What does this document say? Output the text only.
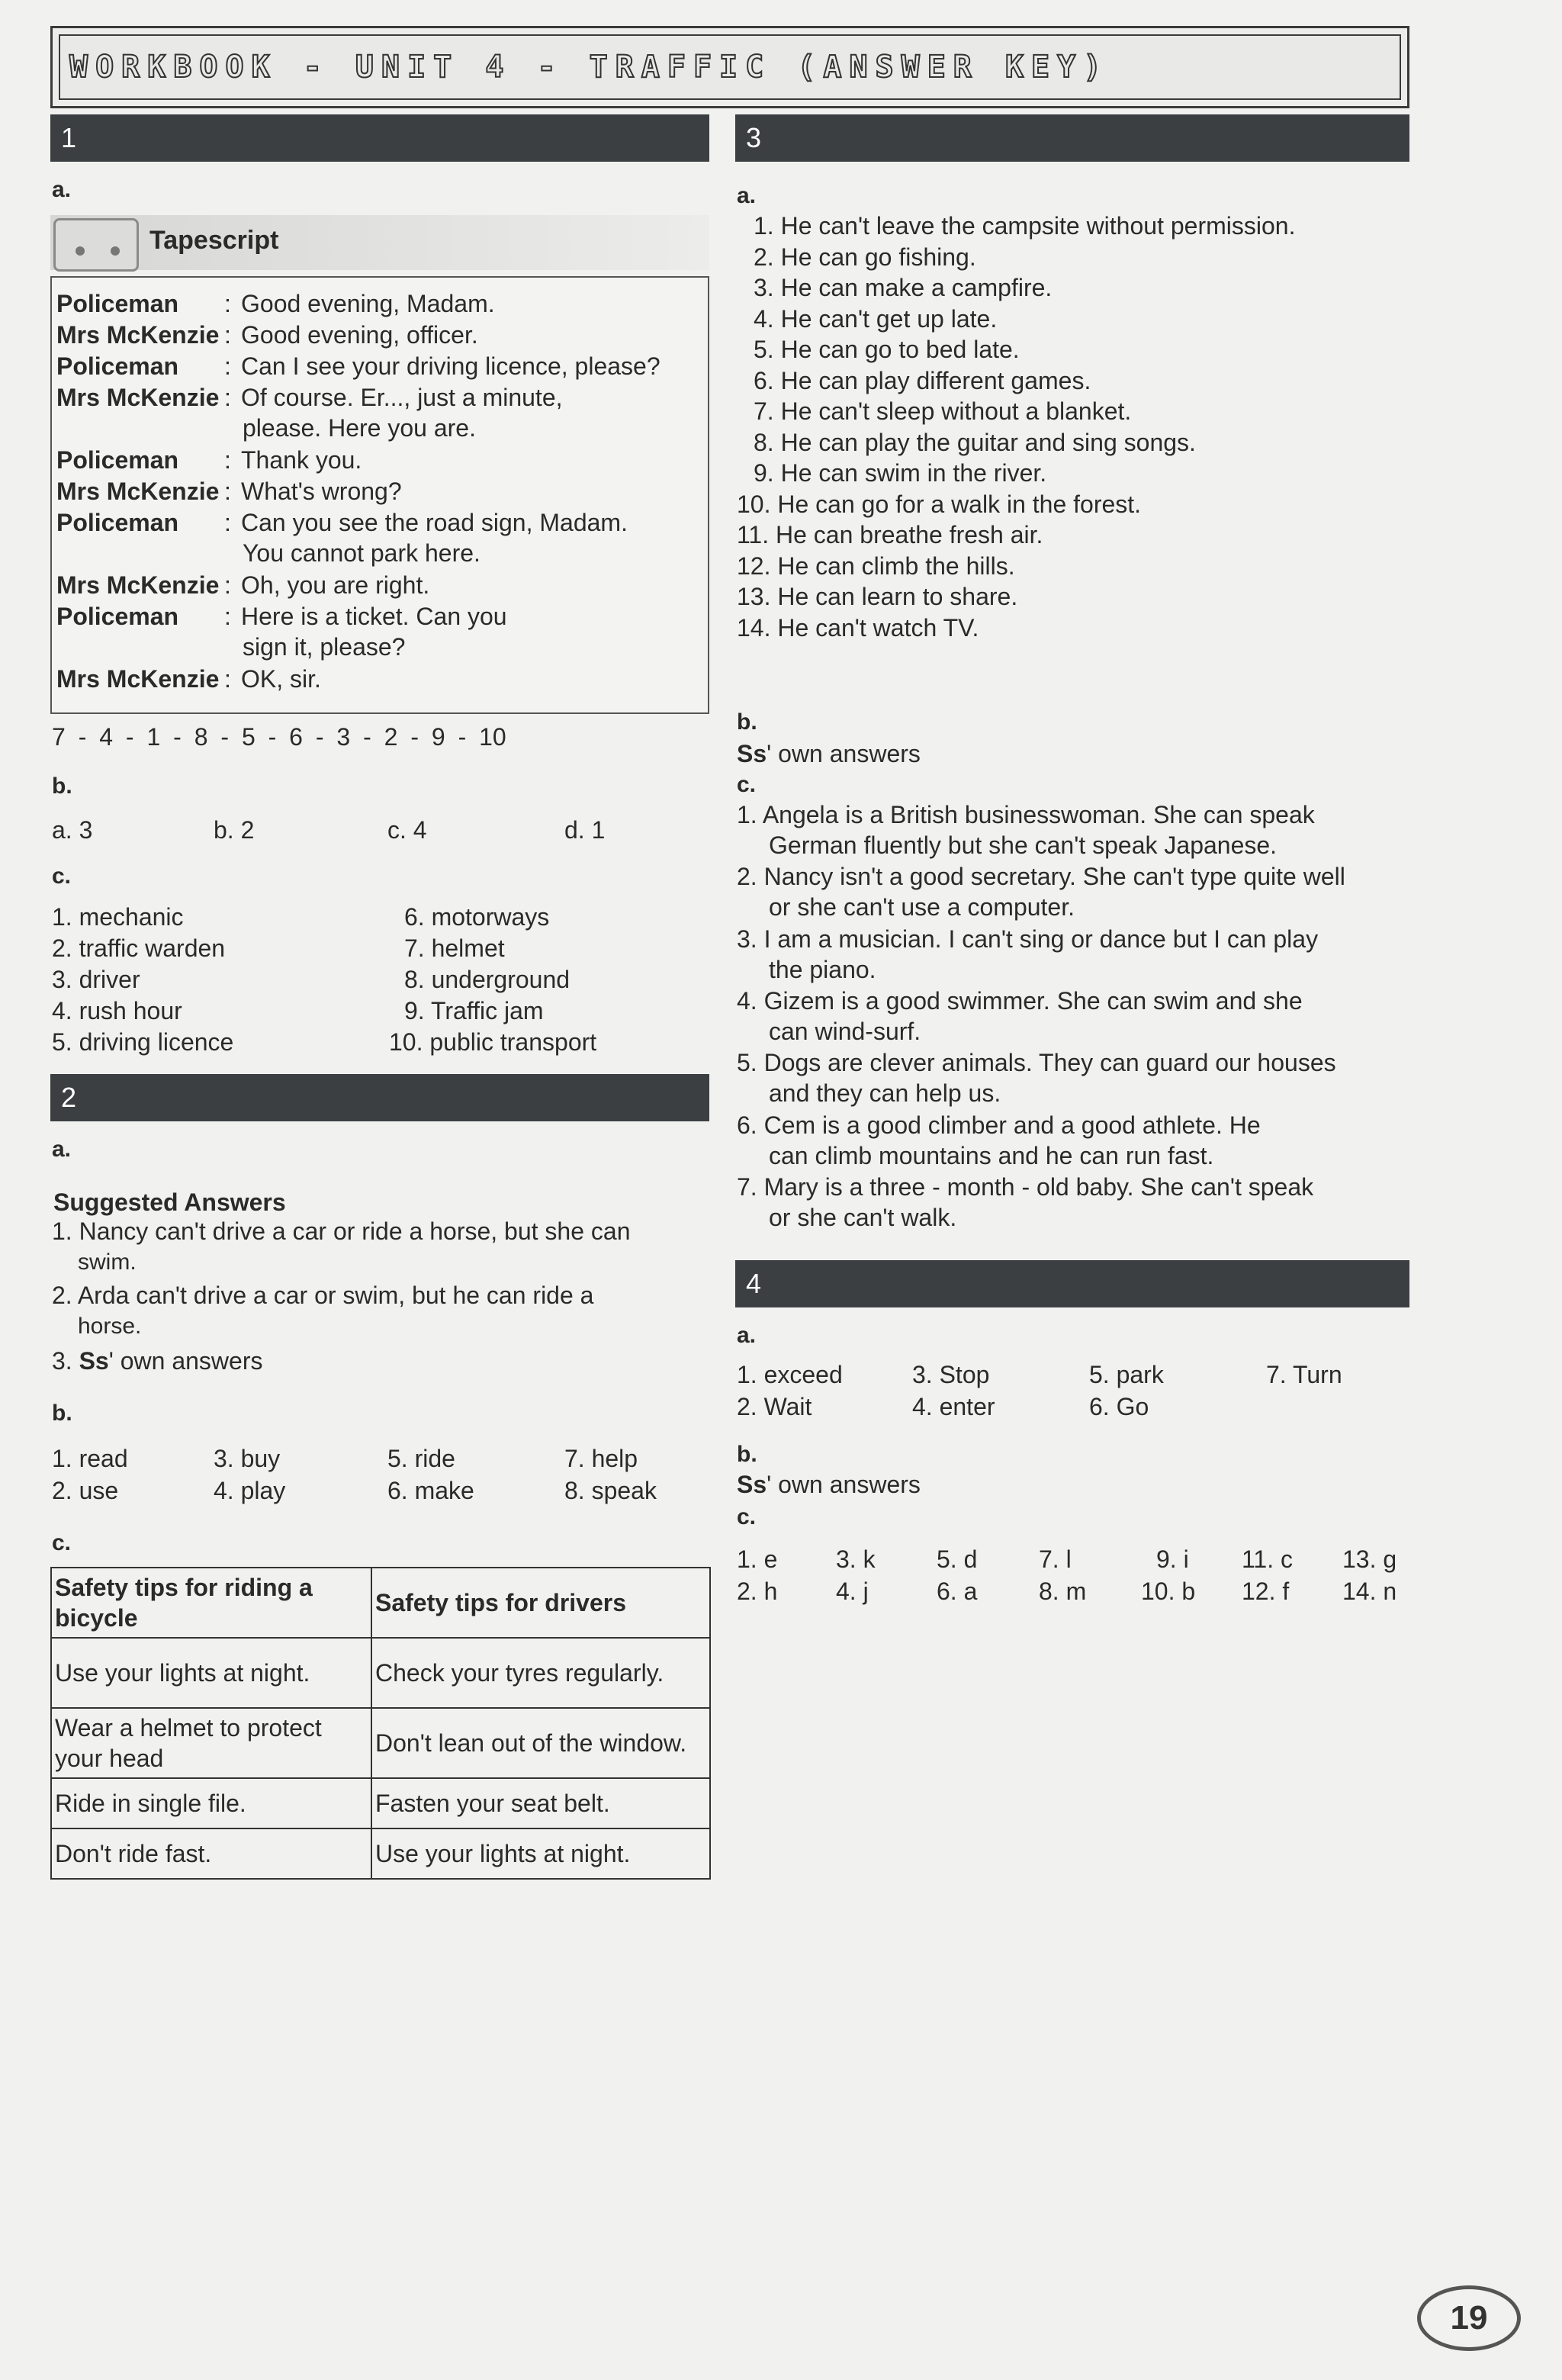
WORKBOOK - UNIT 4 - TRAFFIC (ANSWER KEY)
1
a.
Tapescript
Policeman : Good evening, Madam.
Mrs McKenzie : Good evening, officer.
Policeman : Can I see your driving licence, please?
Mrs McKenzie : Of course. Er..., just a minute,
please. Here you are.
Policeman : Thank you.
Mrs McKenzie : What's wrong?
Policeman : Can you see the road sign, Madam.
You cannot park here.
Mrs McKenzie : Oh, you are right.
Policeman : Here is a ticket. Can you
sign it, please?
Mrs McKenzie : OK, sir.
7 - 4 - 1 - 8 - 5 - 6 - 3 - 2 - 9 - 10
b.
a. 3	b. 2	c. 4	d. 1
c.
1. mechanic
2. traffic warden
3. driver
4. rush hour
5. driving licence
6. motorways
7. helmet
8. underground
9. Traffic jam
10. public transport
2
a.
Suggested Answers
1. Nancy can't drive a car or ride a horse, but she can
swim.
2. Arda can't drive a car or swim, but he can ride a
horse.
3. Ss' own answers
b.
1. read	3. buy	5. ride	7. help
2. use	4. play	6. make	8. speak
c.
Safety tips for riding a bicycle	Safety tips for drivers
Use your lights at night.	Check your tyres regularly.
Wear a helmet to protect your head	Don't lean out of the window.
Ride in single file.	Fasten your seat belt.
Don't ride fast.	Use your lights at night.
3
a.
1. He can't leave the campsite without permission.
2. He can go fishing.
3. He can make a campfire.
4. He can't get up late.
5. He can go to bed late.
6. He can play different games.
7. He can't sleep without a blanket.
8. He can play the guitar and sing songs.
9. He can swim in the river.
10. He can go for a walk in the forest.
11. He can breathe fresh air.
12. He can climb the hills.
13. He can learn to share.
14. He can't watch TV.
b.
Ss' own answers
c.
1. Angela is a British businesswoman. She can speak
German fluently but she can't speak Japanese.
2. Nancy isn't a good secretary. She can't type quite well
or she can't use a computer.
3. I am a musician. I can't sing or dance but I can play
the piano.
4. Gizem is a good swimmer. She can swim and she
can wind-surf.
5. Dogs are clever animals. They can guard our houses
and they can help us.
6. Cem is a good climber and a good athlete. He
can climb mountains and he can run fast.
7. Mary is a three - month - old baby. She can't speak
or she can't walk.
4
a.
1. exceed	3. Stop	5. park	7. Turn
2. Wait	4. enter	6. Go
b.
Ss' own answers
c.
1. e
2. h
3. k
4. j
5. d
6. a
7. l
8. m
9. i
10. b
11. c
12. f
13. g
14. n
19
